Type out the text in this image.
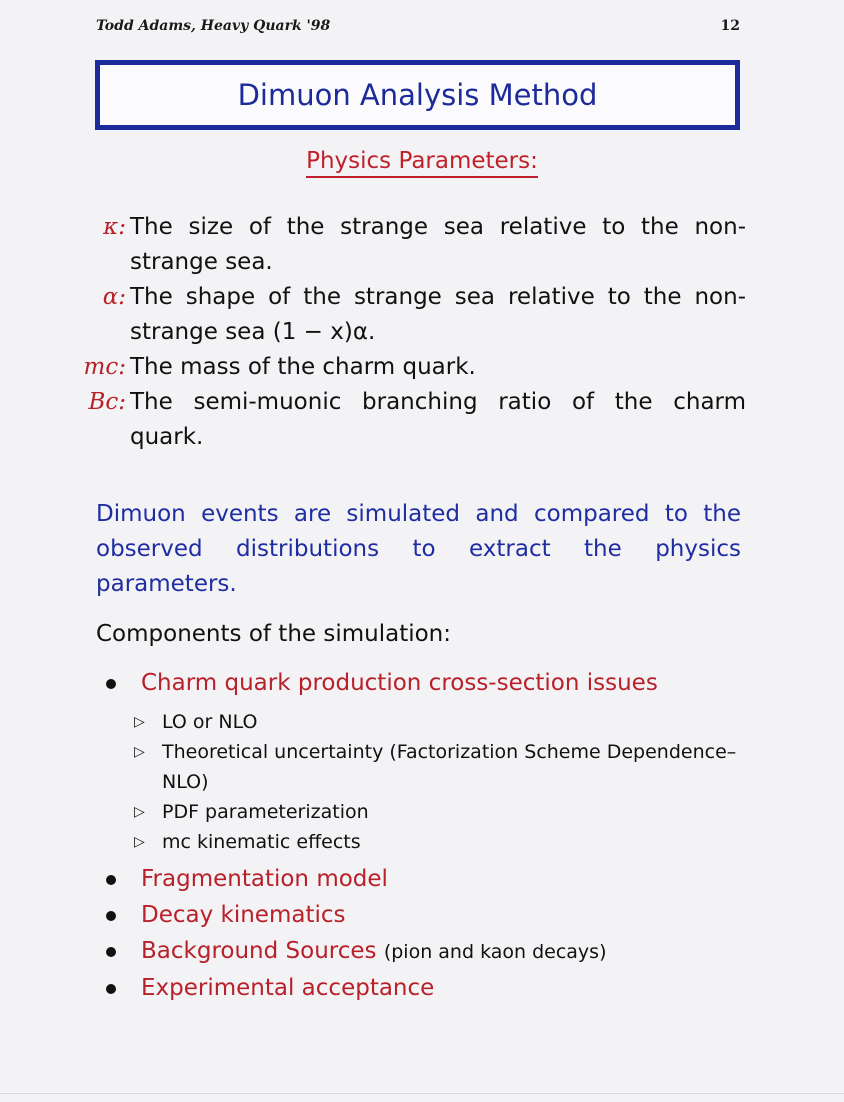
Todd Adams, Heavy Quark '98	12
Dimuon Analysis Method
Physics Parameters:
κ: The size of the strange sea relative to the non-strange sea.
α: The shape of the strange sea relative to the non-strange sea (1 − x)α.
mc: The mass of the charm quark.
Bc: The semi-muonic branching ratio of the charm quark.
Dimuon events are simulated and compared to the observed distributions to extract the physics parameters.
Components of the simulation:
Charm quark production cross-section issues
▷ LO or NLO
▷ Theoretical uncertainty (Factorization Scheme Dependence–NLO)
▷ PDF parameterization
▷ mc kinematic effects
Fragmentation model
Decay kinematics
Background Sources (pion and kaon decays)
Experimental acceptance
